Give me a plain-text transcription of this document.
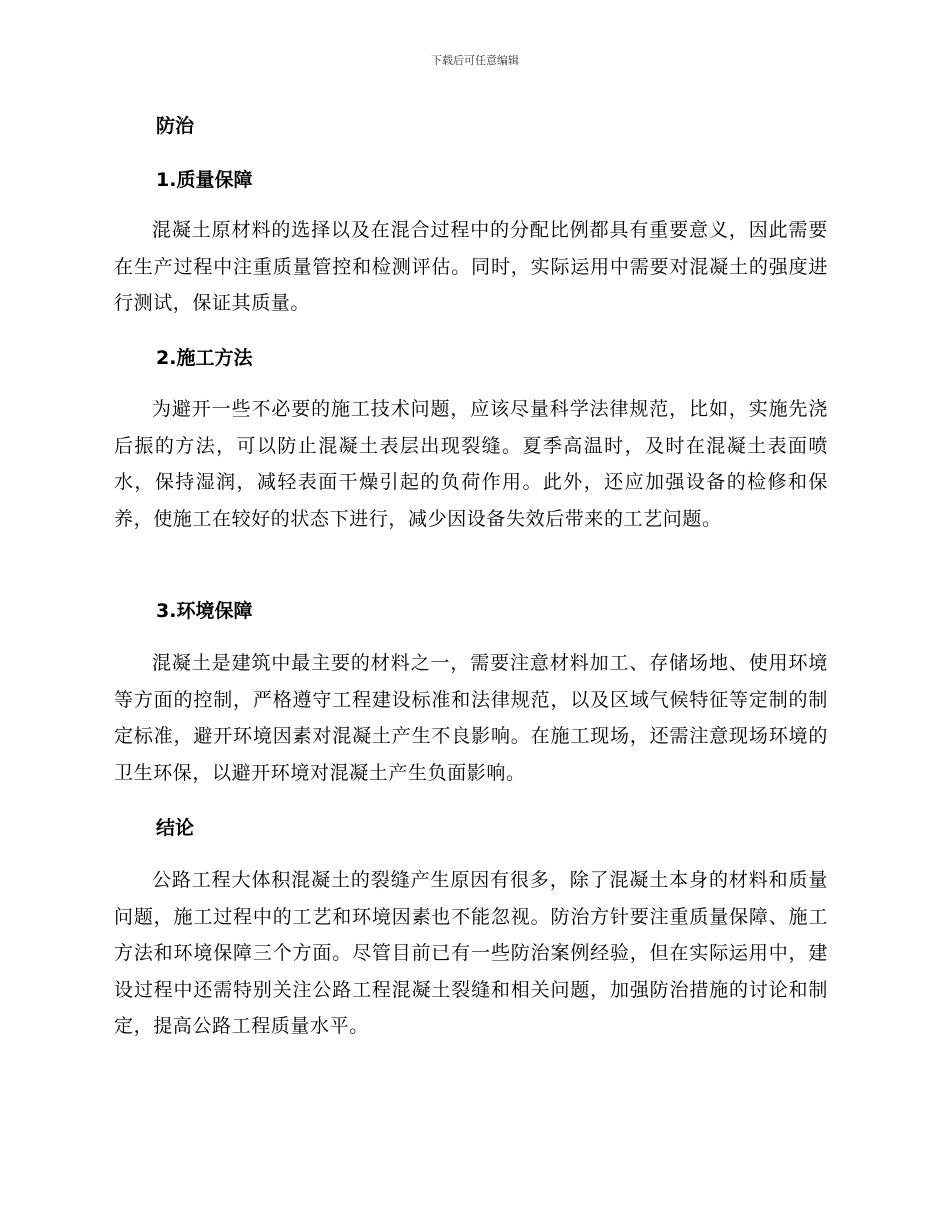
下载后可任意编辑
防治
1.质量保障
混凝土原材料的选择以及在混合过程中的分配比例都具有重要意义，因此需要在生产过程中注重质量管控和检测评估。同时，实际运用中需要对混凝土的强度进行测试，保证其质量。
2.施工方法
为避开一些不必要的施工技术问题，应该尽量科学法律规范，比如，实施先浇后振的方法，可以防止混凝土表层出现裂缝。夏季高温时，及时在混凝土表面喷水，保持湿润，减轻表面干燥引起的负荷作用。此外，还应加强设备的检修和保养，使施工在较好的状态下进行，减少因设备失效后带来的工艺问题。
3.环境保障
混凝土是建筑中最主要的材料之一，需要注意材料加工、存储场地、使用环境等方面的控制，严格遵守工程建设标准和法律规范，以及区域气候特征等定制的制定标准，避开环境因素对混凝土产生不良影响。在施工现场，还需注意现场环境的卫生环保，以避开环境对混凝土产生负面影响。
结论
公路工程大体积混凝土的裂缝产生原因有很多，除了混凝土本身的材料和质量问题，施工过程中的工艺和环境因素也不能忽视。防治方针要注重质量保障、施工方法和环境保障三个方面。尽管目前已有一些防治案例经验，但在实际运用中，建设过程中还需特别关注公路工程混凝土裂缝和相关问题，加强防治措施的讨论和制定，提高公路工程质量水平。
